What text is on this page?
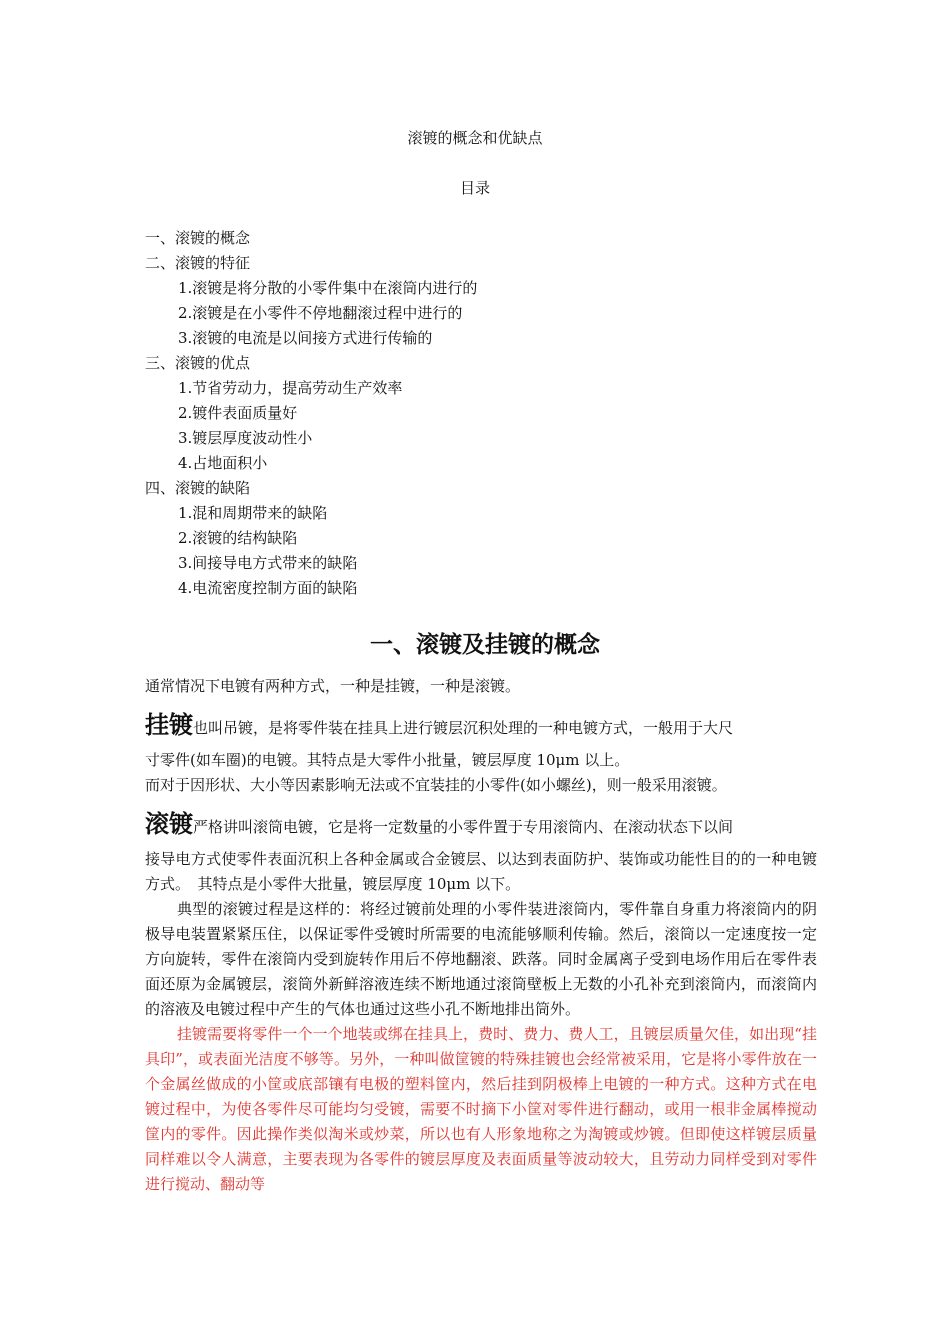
滚镀的概念和优缺点
目录
一、滚镀的概念
二、滚镀的特征
1.滚镀是将分散的小零件集中在滚筒内进行的
2.滚镀是在小零件不停地翻滚过程中进行的
3.滚镀的电流是以间接方式进行传输的
三、滚镀的优点
1.节省劳动力，提高劳动生产效率
2.镀件表面质量好
3.镀层厚度波动性小
4.占地面积小
四、滚镀的缺陷
1.混和周期带来的缺陷
2.滚镀的结构缺陷
3.间接导电方式带来的缺陷
4.电流密度控制方面的缺陷
一、滚镀及挂镀的概念

通常情况下电镀有两种方式，一种是挂镀，一种是滚镀。

挂镀也叫吊镀，是将零件装在挂具上进行镀层沉积处理的一种电镀方式，一般用于大尺

寸零件(如车圈)的电镀。其特点是大零件小批量，镀层厚度 10μm 以上。

而对于因形状、大小等因素影响无法或不宜装挂的小零件(如小螺丝)，则一般采用滚镀。

滚镀严格讲叫滚筒电镀，它是将一定数量的小零件置于专用滚筒内、在滚动状态下以间

接导电方式使零件表面沉积上各种金属或合金镀层、以达到表面防护、装饰或功能性目的的一种电镀方式。　其特点是小零件大批量，镀层厚度 10μm 以下。

典型的滚镀过程是这样的：将经过镀前处理的小零件装进滚筒内，零件靠自身重力将滚筒内的阴极导电装置紧紧压住，以保证零件受镀时所需要的电流能够顺利传输。然后，滚筒以一定速度按一定方向旋转，零件在滚筒内受到旋转作用后不停地翻滚、跌落。同时金属离子受到电场作用后在零件表面还原为金属镀层，滚筒外新鲜溶液连续不断地通过滚筒壁板上无数的小孔补充到滚筒内，而滚筒内的溶液及电镀过程中产生的气体也通过这些小孔不断地排出筒外。

挂镀需要将零件一个一个地装或绑在挂具上，费时、费力、费人工，且镀层质量欠佳，如出现“挂具印”，或表面光洁度不够等。另外，一种叫做筐镀的特殊挂镀也会经常被采用，它是将小零件放在一个金属丝做成的小筐或底部镶有电极的塑料筐内，然后挂到阴极棒上电镀的一种方式。这种方式在电镀过程中，为使各零件尽可能均匀受镀，需要不时摘下小筐对零件进行翻动，或用一根非金属棒搅动筐内的零件。因此操作类似淘米或炒菜，所以也有人形象地称之为淘镀或炒镀。但即使这样镀层质量同样难以令人满意，主要表现为各零件的镀层厚度及表面质量等波动较大，且劳动力同样受到对零件进行搅动、翻动等
